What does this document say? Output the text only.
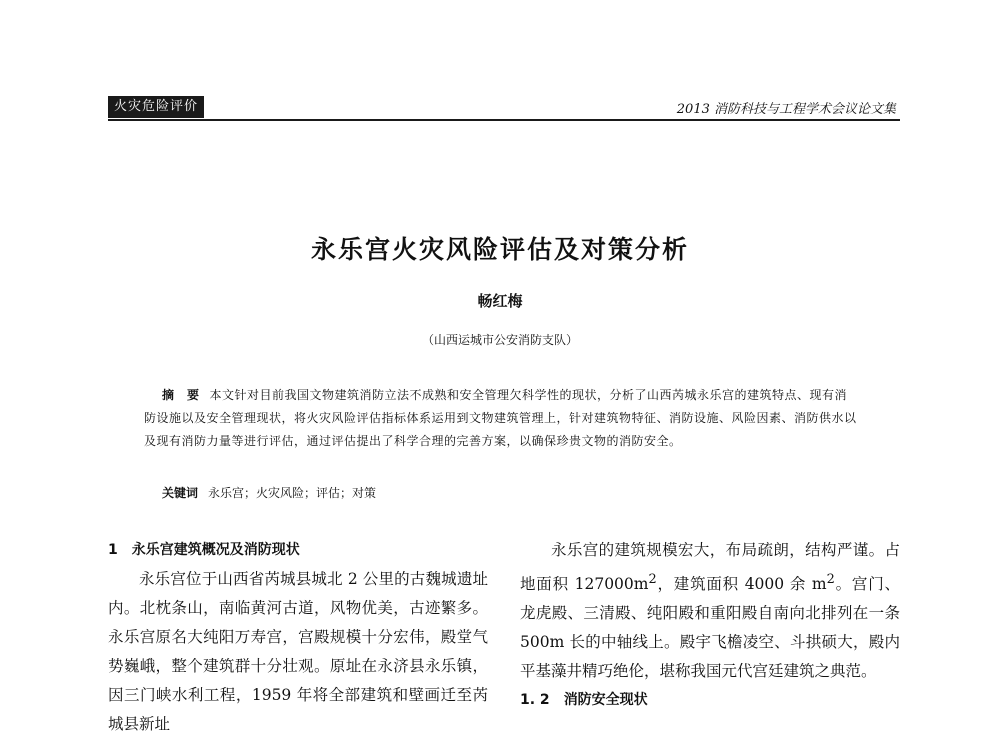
火灾危险评价	2013 消防科技与工程学术会议论文集
永乐宫火灾风险评估及对策分析
畅红梅
（山西运城市公安消防支队）
摘　要 本文针对目前我国文物建筑消防立法不成熟和安全管理欠科学性的现状，分析了山西芮城永乐宫的建筑特点、现有消防设施以及安全管理现状，将火灾风险评估指标体系运用到文物建筑管理上，针对建筑物特征、消防设施、风险因素、消防供水以及现有消防力量等进行评估，通过评估提出了科学合理的完善方案，以确保珍贵文物的消防安全。
关键词 永乐宫；火灾风险；评估；对策
1 永乐宫建筑概况及消防现状

永乐宫位于山西省芮城县城北 2 公里的古魏城遗址内。北枕条山，南临黄河古道，风物优美，古迹繁多。永乐宫原名大纯阳万寿宫，宫殿规模十分宏伟，殿堂气势巍峨，整个建筑群十分壮观。原址在永济县永乐镇，因三门峡水利工程，1959 年将全部建筑和壁画迁至芮城县新址

永乐宫的建筑规模宏大，布局疏朗，结构严谨。占地面积 $127000m^2$，建筑面积 4000 余 $m^2$。宫门、龙虎殿、三清殿、纯阳殿和重阳殿自南向北排列在一条 500m 长的中轴线上。殿宇飞檐凌空、斗拱硕大，殿内平基藻井精巧绝伦，堪称我国元代宫廷建筑之典范。

1. 2 消防安全现状
